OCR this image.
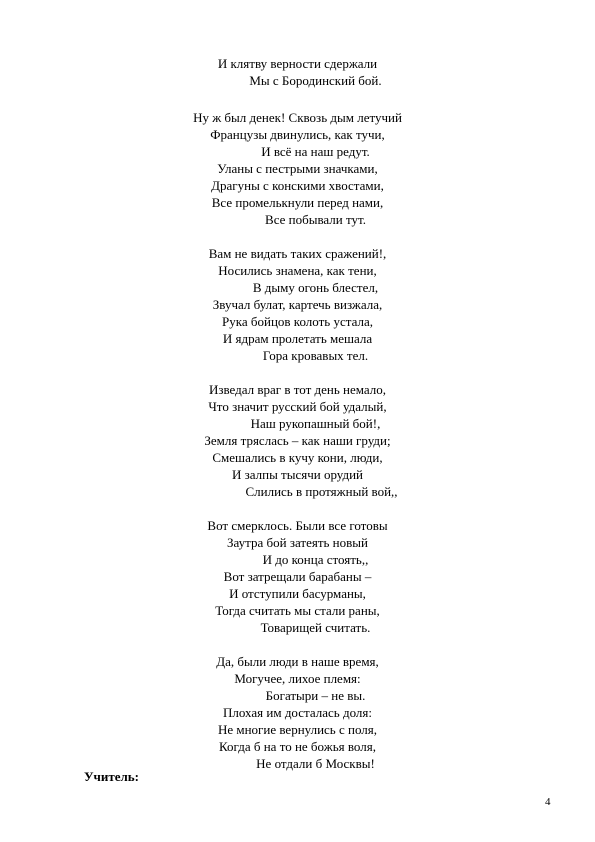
И клятву верности сдержали
Мы с Бородинский бой.
Ну ж был денек! Сквозь дым летучий
Французы двинулись, как тучи,
И всё на наш редут.
Уланы с пестрыми значками,
Драгуны с конскими хвостами,
Все промелькнули перед нами,
Все побывали тут.
Вам не видать таких сражений!,
Носились знамена, как тени,
В дыму огонь блестел,
Звучал булат, картечь визжала,
Рука бойцов колоть устала,
И ядрам пролетать мешала
Гора кровавых тел.
Изведал враг в тот день немало,
Что значит русский бой удалый,
Наш рукопашный бой!,
Земля тряслась – как наши груди;
Смешались в кучу кони, люди,
И залпы тысячи орудий
Слились в протяжный вой,,
Вот смерклось. Были все готовы
Заутра бой затеять новый
И до конца стоять,,
Вот затрещали барабаны –
И отступили басурманы,
Тогда считать мы стали раны,
Товарищей считать.
Да, были люди в наше время,
Могучее, лихое племя:
Богатыри – не вы.
Плохая им досталась доля:
Не многие вернулись с поля,
Когда б на то не божья воля,
Не отдали б Москвы!
Учитель:
4
